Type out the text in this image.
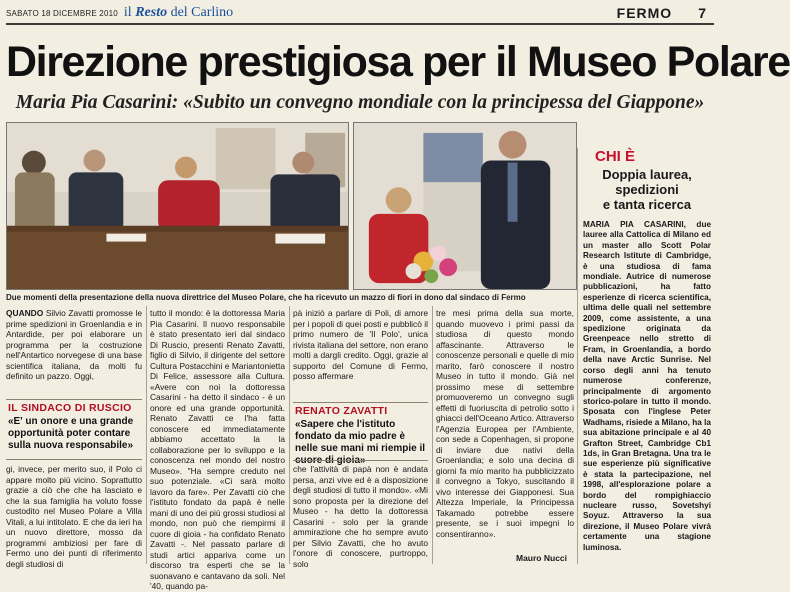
SABATO 18 DICEMBRE 2010 il Resto del Carlino	FERMO 7
Direzione prestigiosa per il Museo Polare
Maria Pia Casarini: «Subito un convegno mondiale con la principessa del Giappone»
Due momenti della presentazione della nuova direttrice del Museo Polare, che ha ricevuto un mazzo di fiori in dono dal sindaco di Fermo
CHI È
Doppia laurea,
spedizioni
e tanta ricerca
MARIA PIA CASARINI, due lauree alla Cattolica di Milano ed un master allo Scott Polar Research Istitute di Cambridge, è una studiosa di fama mondiale. Autrice di numerose pubblicazioni, ha fatto esperienze di ricerca scientifica, ultima delle quali nel settembre 2009, come assistente, a una spedizione originata da Greenpeace nello stretto di Fram, in Groenlandia, a bordo della nave Arctic Sunrise. Nel corso degli anni ha tenuto numerose conferenze, principalmente di argomento storico-polare in tutto il mondo. Sposata con l'inglese Peter Wadhams, risiede a Milano, ha la sua abitazione principale e al 40 Grafton Street, Cambridge Cb1 1ds, in Gran Bretagna. Una tra le sue esperienze più significative è stata la partecipazione, nel 1998, all'esplorazione polare a bordo del rompighiaccio nucleare russo, Sovetshyi Soyuz. Attraverso la sua direzione, il Museo Polare vivrà certamente una stagione luminosa.

QUANDO Silvio Zavatti promosse le prime spedizioni in Groenlandia e in Antardide, per poi elaborare un programma per la costruzione nell'Antartico norvegese di una base scientifica italiana, da molti fu definito un pazzo. Oggi,

IL SINDACO DI RUSCIO
«E' un onore e una grande opportunità poter contare sulla nuova responsabile»

gi, invece, per merito suo, il Polo ci appare molto più vicino. Soprattutto grazie a ciò che che ha lasciato e che la sua famiglia ha voluto fosse custodito nel Museo Polare a Villa Vitali, a lui intitolato. E che da ieri ha un nuovo direttore, mosso da programmi ambiziosi per fare di Fermo uno dei punti di riferimento degli studiosi di

tutto il mondo: è la dottoressa Maria Pia Casarini. Il nuovo responsabile è stato presentato ieri dal sindaco Di Ruscio, presenti Renato Zavatti, figlio di Silvio, il dirigente del settore Cultura Postacchini e Mariantonietta Di Felice, assessore alla Cultura. «Avere con noi la dottoressa Casarini - ha detto il sindaco - è un onore ed una grande opportunità. Renato Zavatti ce l'ha fatta conoscere ed immediatamente abbiamo accettato la la collaborazione per lo sviluppo e la conoscenza nel mondo del nostro Museo». "Ha sempre creduto nel suo potenziale. «Ci sarà molto lavoro da fare». Per Zavatti ciò che l'istituto fondato da papà è nelle mani di uno dei più grossi studiosi al mondo, non può che riempirmi il cuore di gioia - ha confidato Renato Zavatti -. Nel passato parlare di studi artici appariva come un discorso tra esperti che se la suonavano e cantavano da soli. Nel '40, quando pa-

pà iniziò a parlare di Poli, di amore per i popoli di quei posti e pubblicò il primo numero de 'Il Polo', unica rivista italiana del settore, non erano molti a dargli credito. Oggi, grazie al supporto del Comune di Fermo, posso affermare

RENATO ZAVATTI
«Sapere che l'istituto fondato da mio padre è nelle sue mani mi riempie il

che l'attività di papà non è andata persa, anzi vive ed è a disposizione degli studiosi di tutto il mondo». «Mi sono proposta per la direzione del Museo - ha detto la dottoressa Casarini - solo per la grande ammirazione che ho sempre avuto per Silvio Zavatti, che ho avuto l'onore di conoscere, purtroppo, solo

tre mesi prima della sua morte, quando muovevo i primi passi da studiosa di questo mondo affascinante. Attraverso le conoscenze personali e quelle di mio marito, farò conoscere il nostro Museo in tutto il mondo. Già nel prossimo mese di settembre promuoveremo un convegno sugli effetti di fuoriuscita di petrolio sotto i ghiacci dell'Oceano Artico. Attraverso l'Agenzia Europea per l'Ambiente, con sede a Copenhagen, si propone di inviare due nativi della Groenlandia; e solo una decina di giorni fa mio marito ha pubblicizzato il convegno a Tokyo, suscitando il vivo interesse dei Giapponesi. Sua Altezza Imperiale, la Principessa Takamado potrebbe essere presente, se i suoi impegni lo consentiranno».

Mauro Nucci
